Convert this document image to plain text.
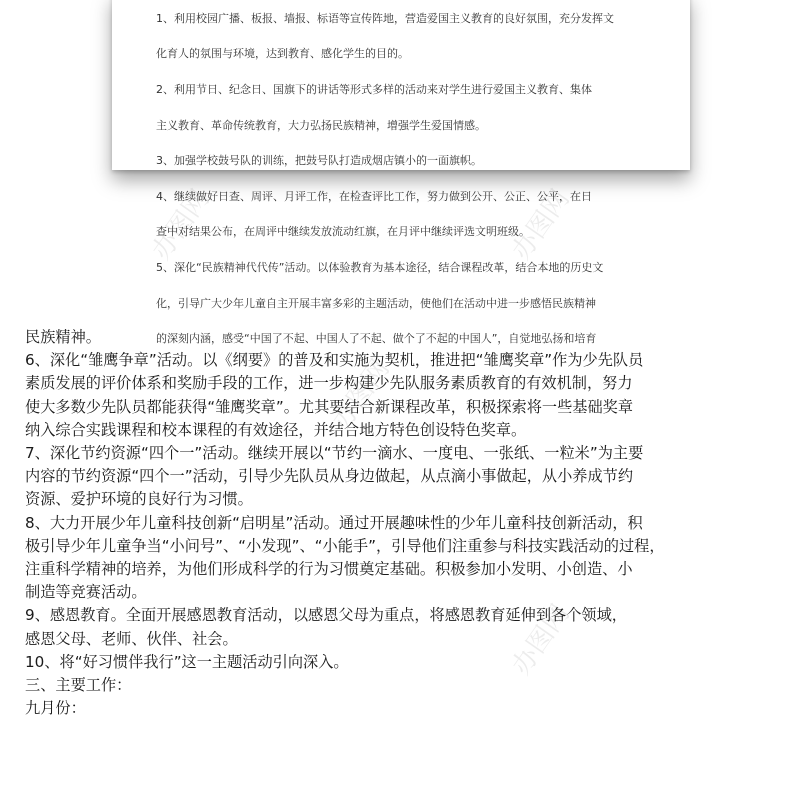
1、利用校园广播、板报、墙报、标语等宣传阵地，营造爱国主义教育的良好氛围，充分发挥文

化育人的氛围与环境，达到教育、感化学生的目的。

2、利用节日、纪念日、国旗下的讲话等形式多样的活动来对学生进行爱国主义教育、集体

主义教育、革命传统教育，大力弘扬民族精神，增强学生爱国情感。

3、加强学校鼓号队的训练，把鼓号队打造成烟店镇小的一面旗帜。

4、继续做好日查、周评、月评工作，在检查评比工作，努力做到公开、公正、公平，在日

查中对结果公布，在周评中继续发放流动红旗，在月评中继续评选文明班级。

5、深化“民族精神代代传”活动。以体验教育为基本途径，结合课程改革，结合本地的历史文

化，引导广大少年儿童自主开展丰富多彩的主题活动，使他们在活动中进一步感悟民族精神

的深刻内涵，感受“中国了不起、中国人了不起、做个了不起的中国人”，自觉地弘扬和培育

办图网	办图网
办图网
办图网

民族精神。

6、深化“雏鹰争章”活动。以《纲要》的普及和实施为契机，推进把“雏鹰奖章”作为少先队员

素质发展的评价体系和奖励手段的工作，进一步构建少先队服务素质教育的有效机制，努力

使大多数少先队员都能获得“雏鹰奖章”。尤其要结合新课程改革，积极探索将一些基础奖章

纳入综合实践课程和校本课程的有效途径，并结合地方特色创设特色奖章。

7、深化节约资源“四个一”活动。继续开展以“节约一滴水、一度电、一张纸、一粒米”为主要

内容的节约资源“四个一”活动，引导少先队员从身边做起，从点滴小事做起，从小养成节约

资源、爱护环境的良好行为习惯。

8、大力开展少年儿童科技创新“启明星”活动。通过开展趣味性的少年儿童科技创新活动，积

极引导少年儿童争当“小问号”、“小发现”、“小能手”，引导他们注重参与科技实践活动的过程，

注重科学精神的培养，为他们形成科学的行为习惯奠定基础。积极参加小发明、小创造、小

制造等竞赛活动。

9、感恩教育。全面开展感恩教育活动，以感恩父母为重点，将感恩教育延伸到各个领域，

感恩父母、老师、伙伴、社会。

10、将“好习惯伴我行”这一主题活动引向深入。

三、主要工作：

九月份：
